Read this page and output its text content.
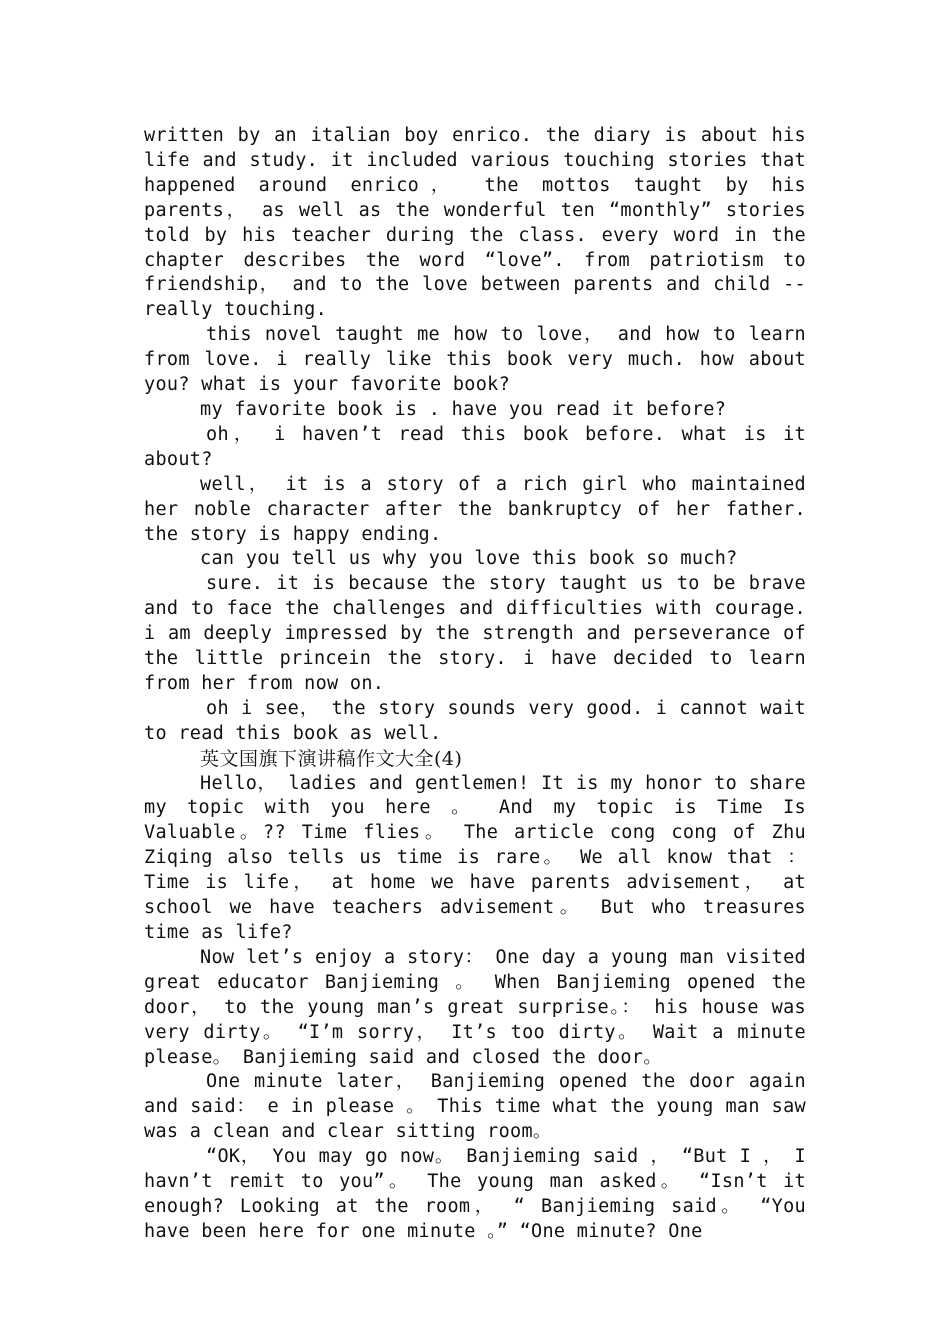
written by an italian boy enrico. the diary is about his life and study. it included various touching stories that happened around enrico， the mottos taught by his parents， as well as the wonderful ten “monthly” stories told by his teacher during the class. every word in the chapter describes the word “love”. from patriotism to friendship， and to the love between parents and child -- really touching.

this novel taught me how to love， and how to learn from love. i really like this book very much. how about you? what is your favorite book?

my favorite book is . have you read it before?

oh， i haven’t read this book before. what is it about?

well， it is a story of a rich girl who maintained her noble character after the bankruptcy of her father. the story is happy ending.

can you tell us why you love this book so much?

sure. it is because the story taught us to be brave and to face the challenges and difficulties with courage. i am deeply impressed by the strength and perseverance of the little princein the story. i have decided to learn from her from now on.

oh i see， the story sounds very good. i cannot wait to read this book as well.

英文国旗下演讲稿作文大全(4)

Hello， ladies and gentlemen! It is my honor to share my topic with you here 。 And my topic is Time Is Valuable。?? Time flies。 The article cong cong of Zhu Ziqing also tells us time is rare。 We all know that ：Time is life， at home we have parents advisement， at school we have teachers advisement。 But who treasures time as life?

Now let’s enjoy a story： One day a young man visited great educator Banjieming 。 When Banjieming opened the door， to the young man’s great surprise。： his house was very dirty。 “I’m sorry， It’s too dirty。 Wait a minute please。 Banjieming said and closed the door。

One minute later， Banjieming opened the door again and said： e in please 。 This time what the young man saw was a clean and clear sitting room。

“OK， You may go now。 Banjieming said ， “But I ， I havn’t remit to you”。 The young man asked。 “Isn’t it enough? Looking at the room， “ Banjieming said。 “You have been here for one minute 。” “One minute? One
